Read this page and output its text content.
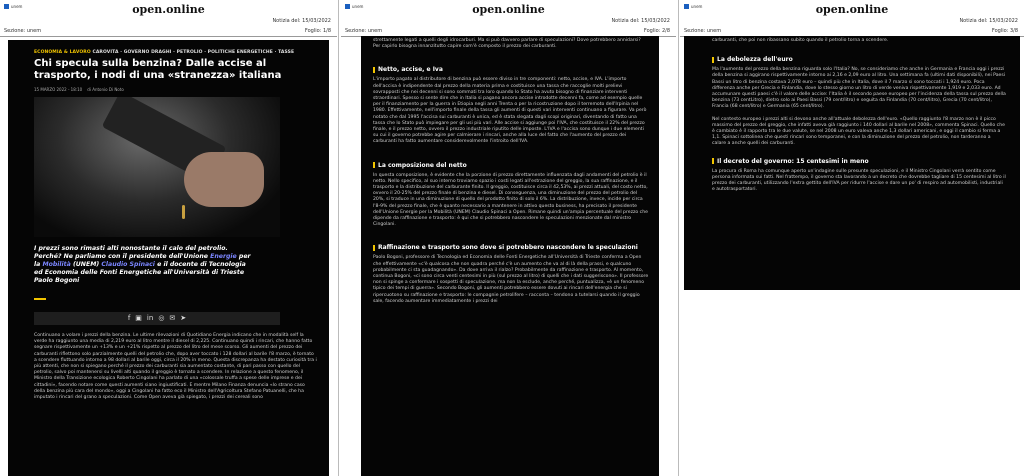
unem	open.online
Notizia del: 15/03/2022
Sezione: unem	Foglio: 1/8
ECONOMIA & LAVORO CAROVITA · GOVERNO DRAGHI · PETROLIO · POLITICHE ENERGETICHE · TASSE
Chi specula sulla benzina? Dalle accise al trasporto, i nodi di una «stranezza» italiana
15 MARZO 2022 - 18:10 di Antonio Di Noto
I prezzi sono rimasti alti nonostante il calo del petrolio. Perché? Ne parliamo con il presidente dell'Unione Energie per la Mobilità (UNEM) Claudio Spinaci e il docente di Tecnologia ed Economia delle Fonti Energetiche all'Università di Trieste Paolo Bogoni
f ▣ in ◎ ✉ ➤
Continuano a volare i prezzi della benzina. Le ultime rilevazioni di Quotidiano Energia indicano che in modalità self la verde ha raggiunto una media di 2,219 euro al litro mentre il diesel di 2,225. Continuano quindi i rincari, che hanno fatto segnare rispettivamente un +13% e un +21% rispetto al prezzo del litro del mese scorso. Gli aumenti del prezzo dei carburanti riflettono solo parzialmente quelli del petrolio che, dopo aver toccato i 128 dollari al barile l'8 marzo, è tornato a scendere fluttuando intorno a 98 dollari al barile oggi, circa il 20% in meno. Questa discrepanza ha destato curiosità tra i più attenti, che non si spiegano perché il prezzo dei carburanti sia aumentato costante, di pari passo con quello del petrolio, salvo poi mantenersi su livelli alti quando il greggio è tornato a scendere. In relazione a questo fenomeno, il Ministro della Transizione ecologica Roberto Cingolani ha parlato di una «colossale truffa a spese delle imprese e dei cittadini», facendo notare come questi aumenti siano ingiustificati. E mentre Milano Finanza denuncia «lo strano caso della benzina più cara del mondo», oggi a Cingolani ha fatto eco il Ministro dell'Agricoltura Stefano Patuanelli, che ha imputato i rincari del grano a speculazioni. Come Open aveva già spiegato, i prezzi dei cereali sono
unem	open.online
Notizia del: 15/03/2022
Sezione: unem	Foglio: 2/8
strettamente legati a quelli degli idrocarburi. Ma si può davvero parlare di speculazioni? Dove potrebbero annidarsi? Per capirlo bisogna innanzitutto capire com'è composto il prezzo dei carburanti.
Netto, accise, e Iva
L'importo pagato al distributore di benzina può essere diviso in tre componenti: netto, accise, e IVA. L'importo dell'accisa è indipendente dal prezzo della materia prima e costituisce una tassa che raccoglie molti prelievi sovrapposti che nei decenni si sono sommati tra loro quando lo Stato ha avuto bisogno di finanziare interventi straordinari. Spesso si sente dire che in Italia si pagano ancora accise introdotte decenni fa, come ad esempio quelle per il finanziamento per la guerra in Etiopia negli anni Trenta o per la ricostruzione dopo il terremoto dell'Irpinia nel 1980. Effettivamente, nell'importo finale della tassa gli aumenti di questi vari interventi continuano a figurare. Va però notato che dal 1995 l'accisa sui carburanti è unica, ed è stata slegata dagli scopi originari, diventando di fatto una tassa che lo Stato può impiegare per gli usi più vari. Alle accise si aggiunge poi l'IVA, che costituisce il 22% del prezzo finale, e il prezzo netto, ovvero il prezzo industriale riputito delle imposte. L'IVA e l'accisa sono dunque i due elementi su cui il governo potrebbe agire per calmierare i rincari, anche alla luce del fatto che l'aumento del prezzo dei carburanti ha fatto aumentare considerevolmente l'introito dell'IVA.
La composizione del netto
In questa composizione, è evidente che la porzione di prezzo direttamente influenzata dagli andamenti del petrolio è il netto. Nello specifico, al suo interno troviamo spazio i costi legati all'estrazione del greggio, la sua raffinazione, e il trasporto e la distribuzione del carburante finito. Il greggio, costituisce circa il 42,53%, ai prezzi attuali, del costo netto, ovvero il 20-25% del prezzo finale di benzina e diesel. Di conseguenza, una diminuzione del prezzo del petrolio del 20%, si traduce in una diminuzione di quello del prodotto finito di solo il 6%. La distribuzione, invece, incide per circa l'8-9% del prezzo finale, che è quanto necessario a mantenere in attivo questo business, ha precisato il presidente dell'Unione Energie per la Mobilità (UNEM) Claudio Spinaci a Open. Rimane quindi un'ampia percentuale del prezzo che dipende da raffinazione e trasporto: è qui che si potrebbero nascondere le speculazioni menzionate dal ministro Cingolani.
Raffinazione e trasporto sono dove si potrebbero nascondere le speculazioni
Paolo Bogoni, professore di Tecnologia ed Economia delle Fonti Energetiche all'Università di Trieste conferma a Open che effettivamente «c'è qualcosa che non quadra perché c'è un aumento che va al di là della prassi, e qualcuno probabilmente ci sta guadagnando». Da dove arriva il rialzo? Probabilmente da raffinazione e trasporto. Al momento, continua Bogoni, «ci sono circa venti centesimi in più (sul prezzo al litro) di quelli che i dati suggeriscono». Il professore non si spinge a confermare i sospetti di speculazione, ma non la esclude, anche perché, puntualizza, «è un fenomeno tipico dei tempi di guerra». Secondo Bogoni, gli aumenti potrebbero essere dovuti ai rincari dell'energia che si ripercuotono su raffinazione e trasporto: le compagnie petrolifere – racconta – tendono a tutelarsi quando il greggio sale, facendo aumentare immediatamente i prezzi dei
unem	open.online
Notizia del: 15/03/2022
Sezione: unem	Foglio: 3/8
carburanti, che poi non ribassano subito quando il petrolio torna a scendere.
La debolezza dell'euro
Ma l'aumento del prezzo della benzina riguarda solo l'Italia? No, se consideriamo che anche in Germania e Francia oggi i prezzi della benzina si aggirano rispettivamente intorno ai 2,16 e 2,09 euro al litro. Una settimana fa (ultimi dati disponibili), nei Paesi Bassi un litro di benzina costava 2,078 euro – quindi più che in Italia, dove il 7 marzo si sono toccati i 1,924 euro. Poca differenza anche per Grecia e Finlandia, dove lo stesso giorno un litro di verde veniva rispettivamente 1,919 e 2,033 euro. Ad accumunare questi paesi c'è il valore delle accise: l'Italia è il secondo paese europeo per l'incidenza della tassa sul prezzo della benzina (73 centLitro), dietro solo ai Paesi Bassi (79 cent/litro) e seguita da Finlandia (70 cent/litro), Grecia (70 cent/litro), Francia (68 cent/litro) e Germania (65 cent/litro).
Nel contesto europeo i prezzi alti si devono anche all'attuale debolezza dell'euro. «Quello raggiunto l'8 marzo non è il picco massimo del prezzo del greggio, che infatti aveva già raggiunto i 140 dollari al barile nel 2008», commenta Spinaci. Quello che è cambiato è il rapporto tra le due valute, se nel 2008 un euro valeva anche 1,3 dollari americani, e oggi il cambio si ferma a 1,1. Spinaci sottolinea che questi rincari sono temporanei, e con la diminuzione del prezzo del petrolio, non tarderanno a calare a anche quelli dei carburanti.
Il decreto del governo: 15 centesimi in meno
La procura di Roma ha comunque aperto un'indagine sulle presunte speculazioni, e il Ministro Cingolani verrà sentito come persona informata sui fatti. Nel frattempo, il governo sta lavorando a un decreto che dovrebbe tagliare di 15 centesimi al litro il prezzo dei carburanti, utilizzando l'extra gettito dell'IVA per ridurre l'accise e dare un po' di respiro ad automobilisti, industriali e autotrasportatori.
